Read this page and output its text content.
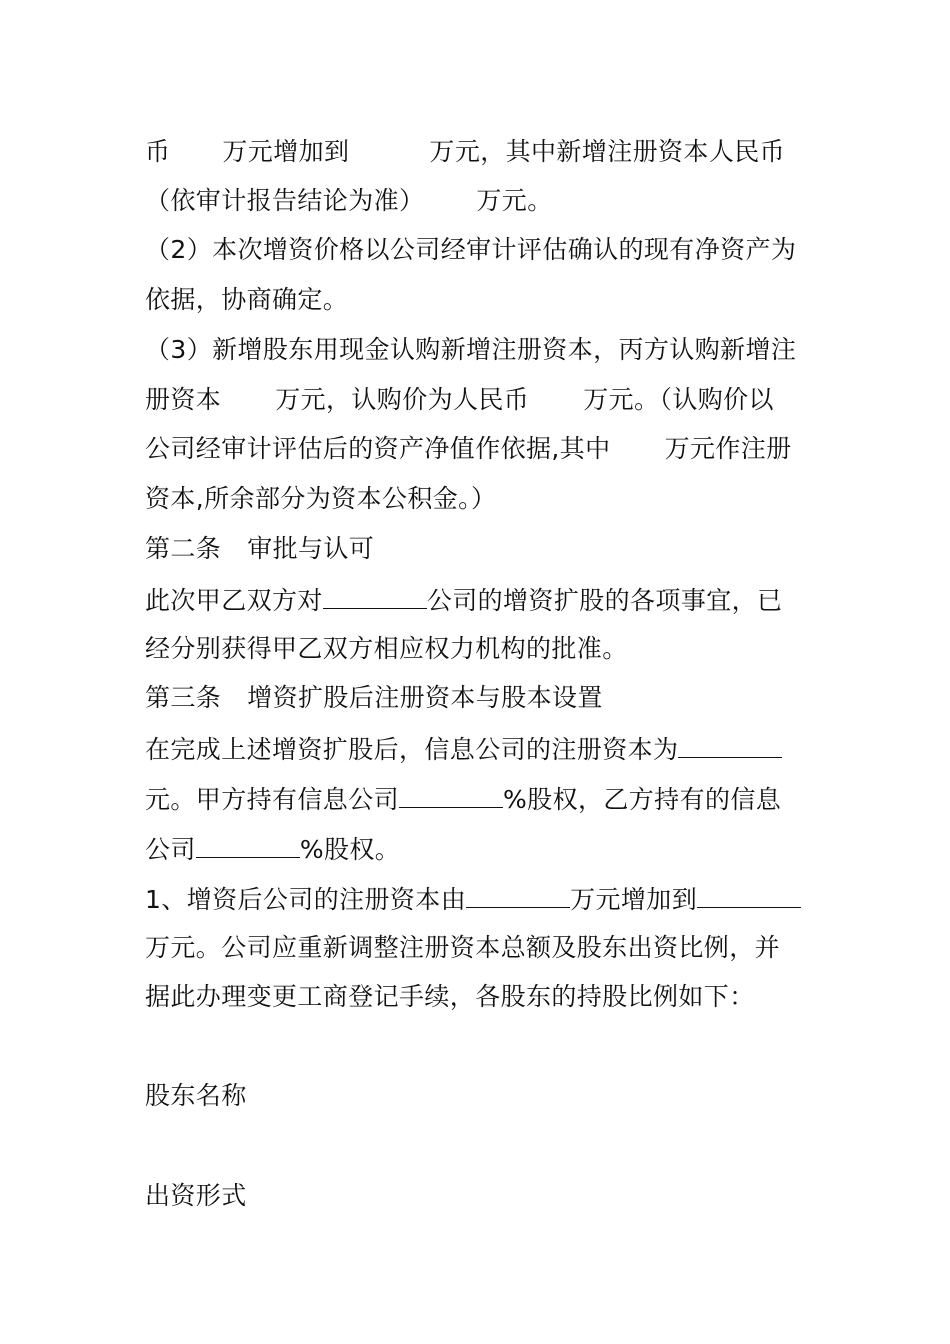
币 万元增加到	万元，其中新增注册资本人民币
（依审计报告结论为准） 万元。
（2）本次增资价格以公司经审计评估确认的现有净资产为
依据，协商确定。
（3）新增股东用现金认购新增注册资本，丙方认购新增注
册资本 万元，认购价为人民币 万元。（认购价以
公司经审计评估后的资产净值作依据,其中 万元作注册
资本,所余部分为资本公积金。）
第二条 审批与认可
此次甲乙双方对	公司的增资扩股的各项事宜，已
经分别获得甲乙双方相应权力机构的批准。
第三条 增资扩股后注册资本与股本设置
在完成上述增资扩股后，信息公司的注册资本为
元。甲方持有信息公司	%股权，乙方持有的信息
公司	%股权。
1、增资后公司的注册资本由	万元增加到
万元。公司应重新调整注册资本总额及股东出资比例，并
据此办理变更工商登记手续，各股东的持股比例如下：
股东名称
出资形式
